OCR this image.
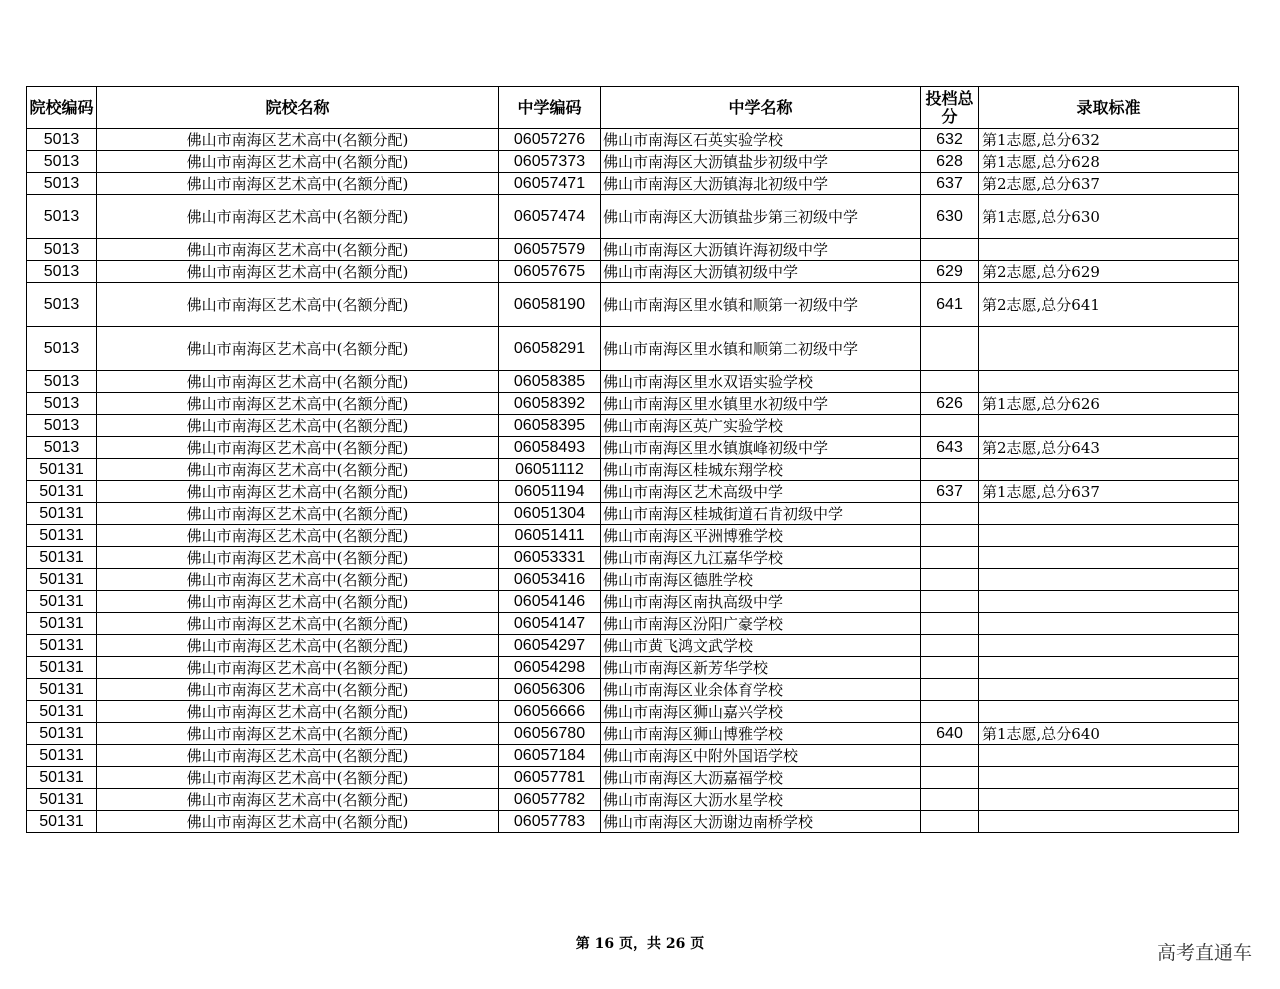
院校编码	院校名称	中学编码	中学名称	投档总分	录取标准
5013	佛山市南海区艺术高中(名额分配)	06057276	佛山市南海区石英实验学校	632	第1志愿,总分632
5013	佛山市南海区艺术高中(名额分配)	06057373	佛山市南海区大沥镇盐步初级中学	628	第1志愿,总分628
5013	佛山市南海区艺术高中(名额分配)	06057471	佛山市南海区大沥镇海北初级中学	637	第2志愿,总分637
5013	佛山市南海区艺术高中(名额分配)	06057474	佛山市南海区大沥镇盐步第三初级中学	630	第1志愿,总分630
5013	佛山市南海区艺术高中(名额分配)	06057579	佛山市南海区大沥镇许海初级中学		
5013	佛山市南海区艺术高中(名额分配)	06057675	佛山市南海区大沥镇初级中学	629	第2志愿,总分629
5013	佛山市南海区艺术高中(名额分配)	06058190	佛山市南海区里水镇和顺第一初级中学	641	第2志愿,总分641
5013	佛山市南海区艺术高中(名额分配)	06058291	佛山市南海区里水镇和顺第二初级中学		
5013	佛山市南海区艺术高中(名额分配)	06058385	佛山市南海区里水双语实验学校		
5013	佛山市南海区艺术高中(名额分配)	06058392	佛山市南海区里水镇里水初级中学	626	第1志愿,总分626
5013	佛山市南海区艺术高中(名额分配)	06058395	佛山市南海区英广实验学校		
5013	佛山市南海区艺术高中(名额分配)	06058493	佛山市南海区里水镇旗峰初级中学	643	第2志愿,总分643
50131	佛山市南海区艺术高中(名额分配)	06051112	佛山市南海区桂城东翔学校		
50131	佛山市南海区艺术高中(名额分配)	06051194	佛山市南海区艺术高级中学	637	第1志愿,总分637
50131	佛山市南海区艺术高中(名额分配)	06051304	佛山市南海区桂城街道石肯初级中学		
50131	佛山市南海区艺术高中(名额分配)	06051411	佛山市南海区平洲博雅学校		
50131	佛山市南海区艺术高中(名额分配)	06053331	佛山市南海区九江嘉华学校		
50131	佛山市南海区艺术高中(名额分配)	06053416	佛山市南海区德胜学校		
50131	佛山市南海区艺术高中(名额分配)	06054146	佛山市南海区南执高级中学		
50131	佛山市南海区艺术高中(名额分配)	06054147	佛山市南海区汾阳广豪学校		
50131	佛山市南海区艺术高中(名额分配)	06054297	佛山市黄飞鸿文武学校		
50131	佛山市南海区艺术高中(名额分配)	06054298	佛山市南海区新芳华学校		
50131	佛山市南海区艺术高中(名额分配)	06056306	佛山市南海区业余体育学校		
50131	佛山市南海区艺术高中(名额分配)	06056666	佛山市南海区狮山嘉兴学校		
50131	佛山市南海区艺术高中(名额分配)	06056780	佛山市南海区狮山博雅学校	640	第1志愿,总分640
50131	佛山市南海区艺术高中(名额分配)	06057184	佛山市南海区中附外国语学校		
50131	佛山市南海区艺术高中(名额分配)	06057781	佛山市南海区大沥嘉福学校		
50131	佛山市南海区艺术高中(名额分配)	06057782	佛山市南海区大沥水星学校		
50131	佛山市南海区艺术高中(名额分配)	06057783	佛山市南海区大沥谢边南桥学校		
第 16 页，共 26 页	高考直通车
